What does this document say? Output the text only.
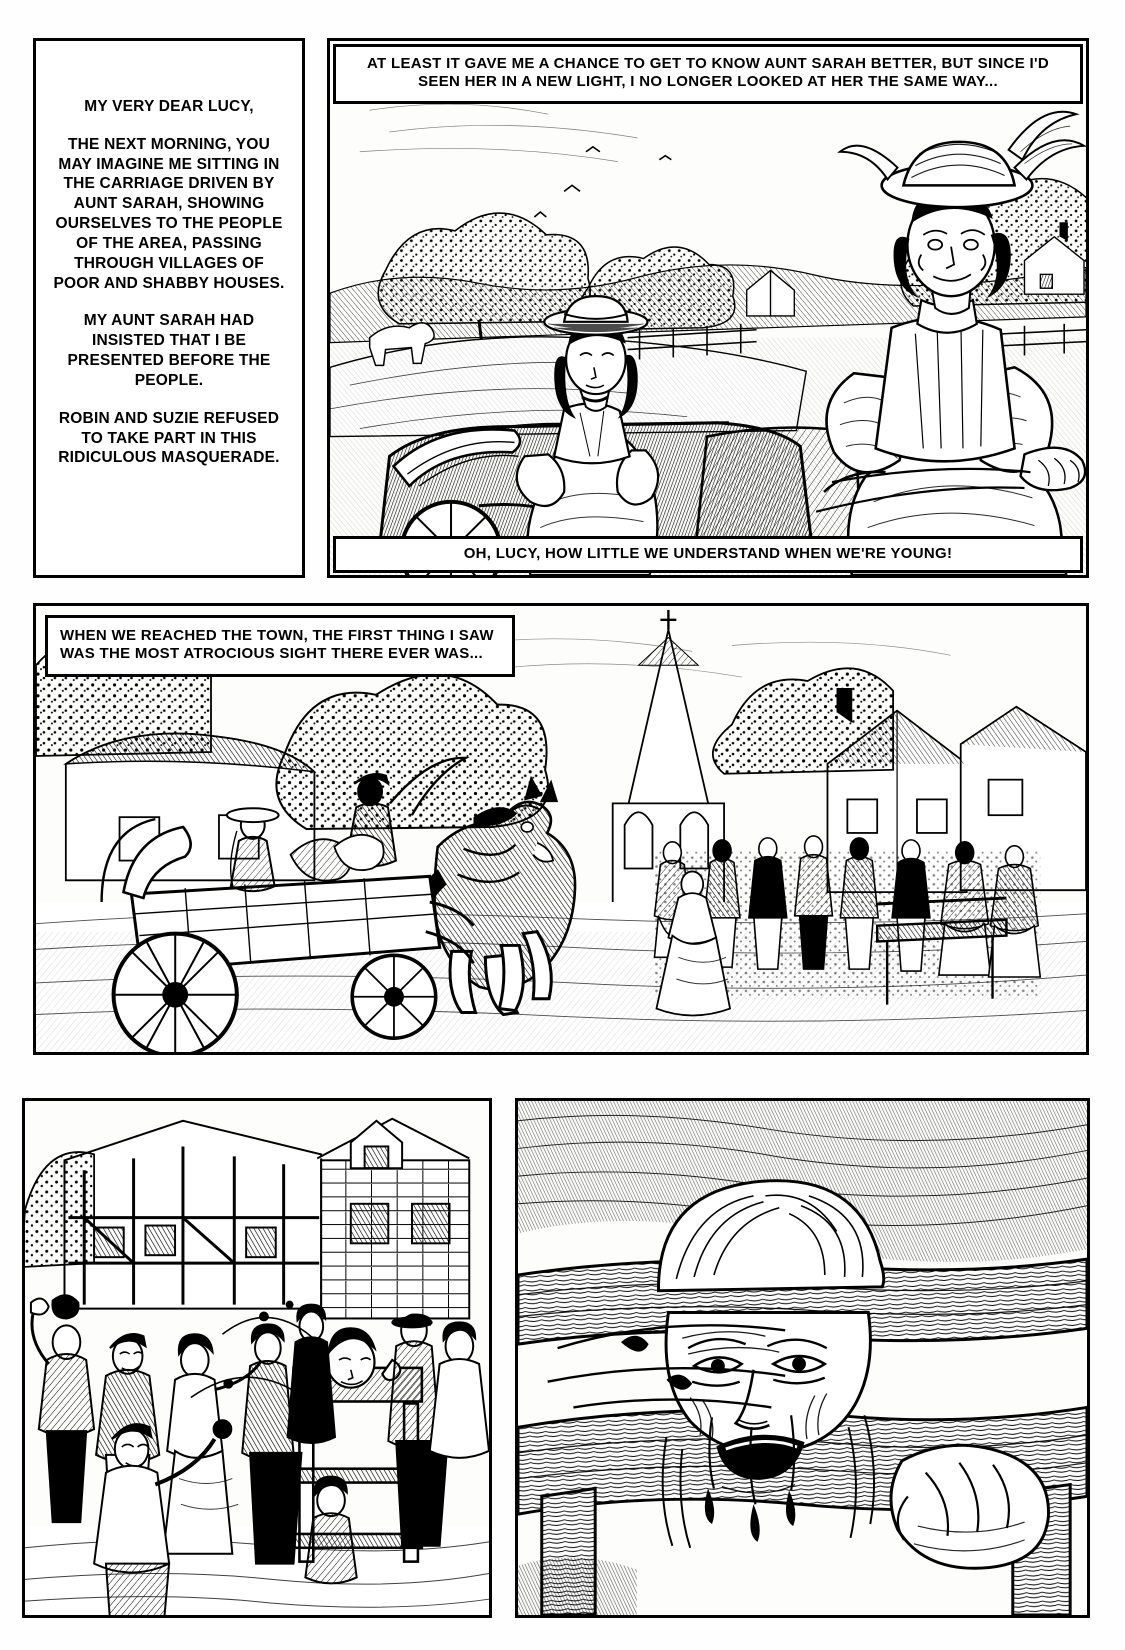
MY VERY DEAR LUCY,

THE NEXT MORNING, YOU MAY IMAGINE ME SITTING IN THE CARRIAGE DRIVEN BY AUNT SARAH, SHOWING OURSELVES TO THE PEOPLE OF THE AREA, PASSING THROUGH VILLAGES OF POOR AND SHABBY HOUSES.

MY AUNT SARAH HAD INSISTED THAT I BE PRESENTED BEFORE THE PEOPLE.

ROBIN AND SUZIE REFUSED TO TAKE PART IN THIS RIDICULOUS MASQUERADE.

AT LEAST IT GAVE ME A CHANCE TO GET TO KNOW AUNT SARAH BETTER, BUT SINCE I'D SEEN HER IN A NEW LIGHT, I NO LONGER LOOKED AT HER THE SAME WAY...
OH, LUCY, HOW LITTLE WE UNDERSTAND WHEN WE'RE YOUNG!
WHEN WE REACHED THE TOWN, THE FIRST THING I SAW WAS THE MOST ATROCIOUS SIGHT THERE EVER WAS...
